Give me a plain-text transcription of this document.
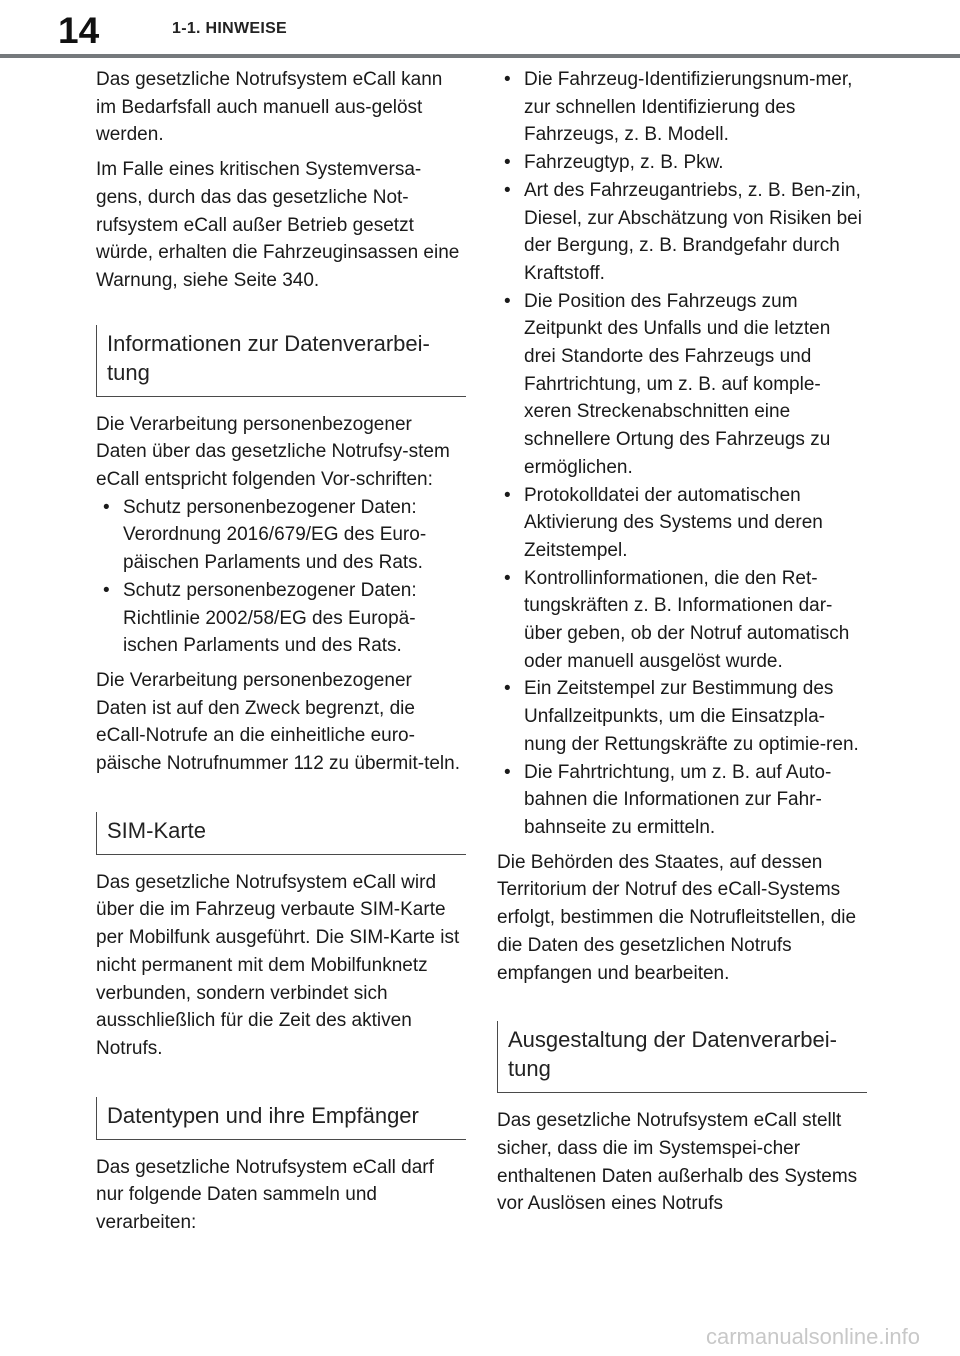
14	1-1. HINWEISE

Das gesetzliche Notrufsystem eCall kann im Bedarfsfall auch manuell aus-gelöst werden.

Im Falle eines kritischen Systemversa-gens, durch das das gesetzliche Not-rufsystem eCall außer Betrieb gesetzt würde, erhalten die Fahrzeuginsassen eine Warnung, siehe Seite 340.

Informationen zur Datenverarbei-tung

Die Verarbeitung personenbezogener Daten über das gesetzliche Notrufsy-stem eCall entspricht folgenden Vor-schriften:

• Schutz personenbezogener Daten: Verordnung 2016/679/EG des Euro-päischen Parlaments und des Rats.
• Schutz personenbezogener Daten: Richtlinie 2002/58/EG des Europä-ischen Parlaments und des Rats.

Die Verarbeitung personenbezogener Daten ist auf den Zweck begrenzt, die eCall-Notrufe an die einheitliche euro-päische Notrufnummer 112 zu übermit-teln.

SIM-Karte

Das gesetzliche Notrufsystem eCall wird über die im Fahrzeug verbaute SIM-Karte per Mobilfunk ausgeführt. Die SIM-Karte ist nicht permanent mit dem Mobilfunknetz verbunden, sondern verbindet sich ausschließlich für die Zeit des aktiven Notrufs.

Datentypen und ihre Empfänger

Das gesetzliche Notrufsystem eCall darf nur folgende Daten sammeln und verarbeiten:

• Die Fahrzeug-Identifizierungsnum-mer, zur schnellen Identifizierung des Fahrzeugs, z. B. Modell.
• Fahrzeugtyp, z. B. Pkw.
• Art des Fahrzeugantriebs, z. B. Ben-zin, Diesel, zur Abschätzung von Risiken bei der Bergung, z. B. Brandgefahr durch Kraftstoff.
• Die Position des Fahrzeugs zum Zeitpunkt des Unfalls und die letzten drei Standorte des Fahrzeugs und Fahrtrichtung, um z. B. auf komple-xeren Streckenabschnitten eine schnellere Ortung des Fahrzeugs zu ermöglichen.
• Protokolldatei der automatischen Aktivierung des Systems und deren Zeitstempel.
• Kontrollinformationen, die den Ret-tungskräften z. B. Informationen dar-über geben, ob der Notruf automatisch oder manuell ausgelöst wurde.
• Ein Zeitstempel zur Bestimmung des Unfallzeitpunkts, um die Einsatzpla-nung der Rettungskräfte zu optimie-ren.
• Die Fahrtrichtung, um z. B. auf Auto-bahnen die Informationen zur Fahr-bahnseite zu ermitteln.

Die Behörden des Staates, auf dessen Territorium der Notruf des eCall-Systems erfolgt, bestimmen die Notrufleitstellen, die die Daten des gesetzlichen Notrufs empfangen und bearbeiten.

Ausgestaltung der Datenverarbei-tung

Das gesetzliche Notrufsystem eCall stellt sicher, dass die im Systemspei-cher enthaltenen Daten außerhalb des Systems vor Auslösen eines Notrufs

carmanualsonline.info
